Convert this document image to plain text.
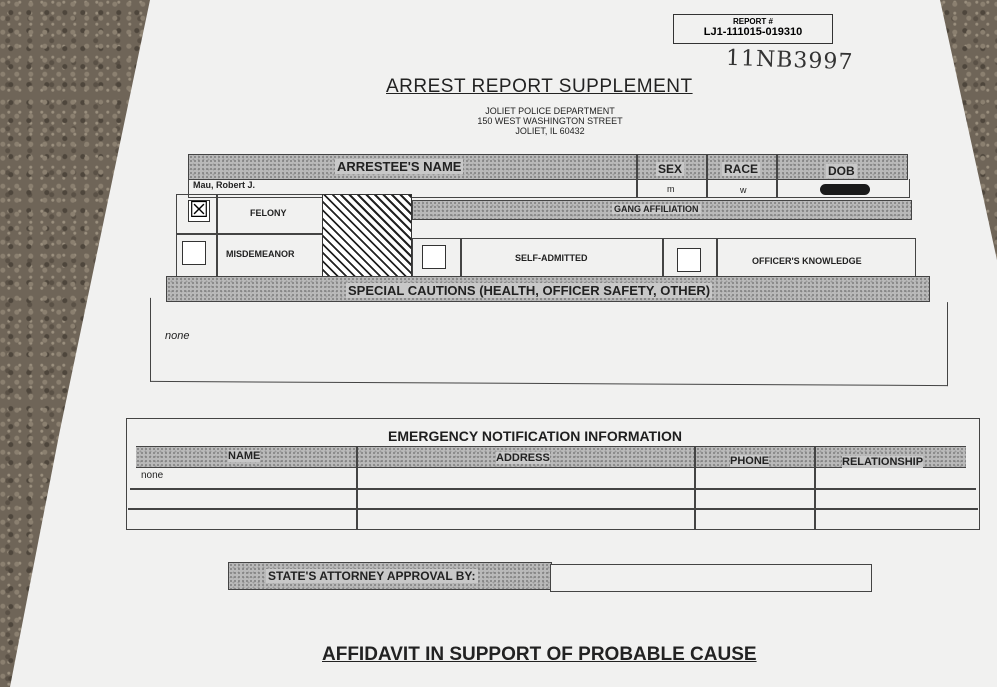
REPORT #
LJ1-111015-019310
11NB3997
ARREST REPORT SUPPLEMENT
JOLIET POLICE DEPARTMENT
150 WEST WASHINGTON STREET
JOLIET, IL 60432
ARRESTEE'S NAME	SEX	RACE	DOB
Mau, Robert J.	m	w
☒	FELONY
MISDEMEANOR
GANG AFFILIATION
SELF-ADMITTED	OFFICER'S KNOWLEDGE
SPECIAL CAUTIONS (HEALTH, OFFICER SAFETY, OTHER)
none
EMERGENCY NOTIFICATION INFORMATION
NAME	ADDRESS	PHONE	RELATIONSHIP
none
STATE'S ATTORNEY APPROVAL BY:
AFFIDAVIT IN SUPPORT OF PROBABLE CAUSE
